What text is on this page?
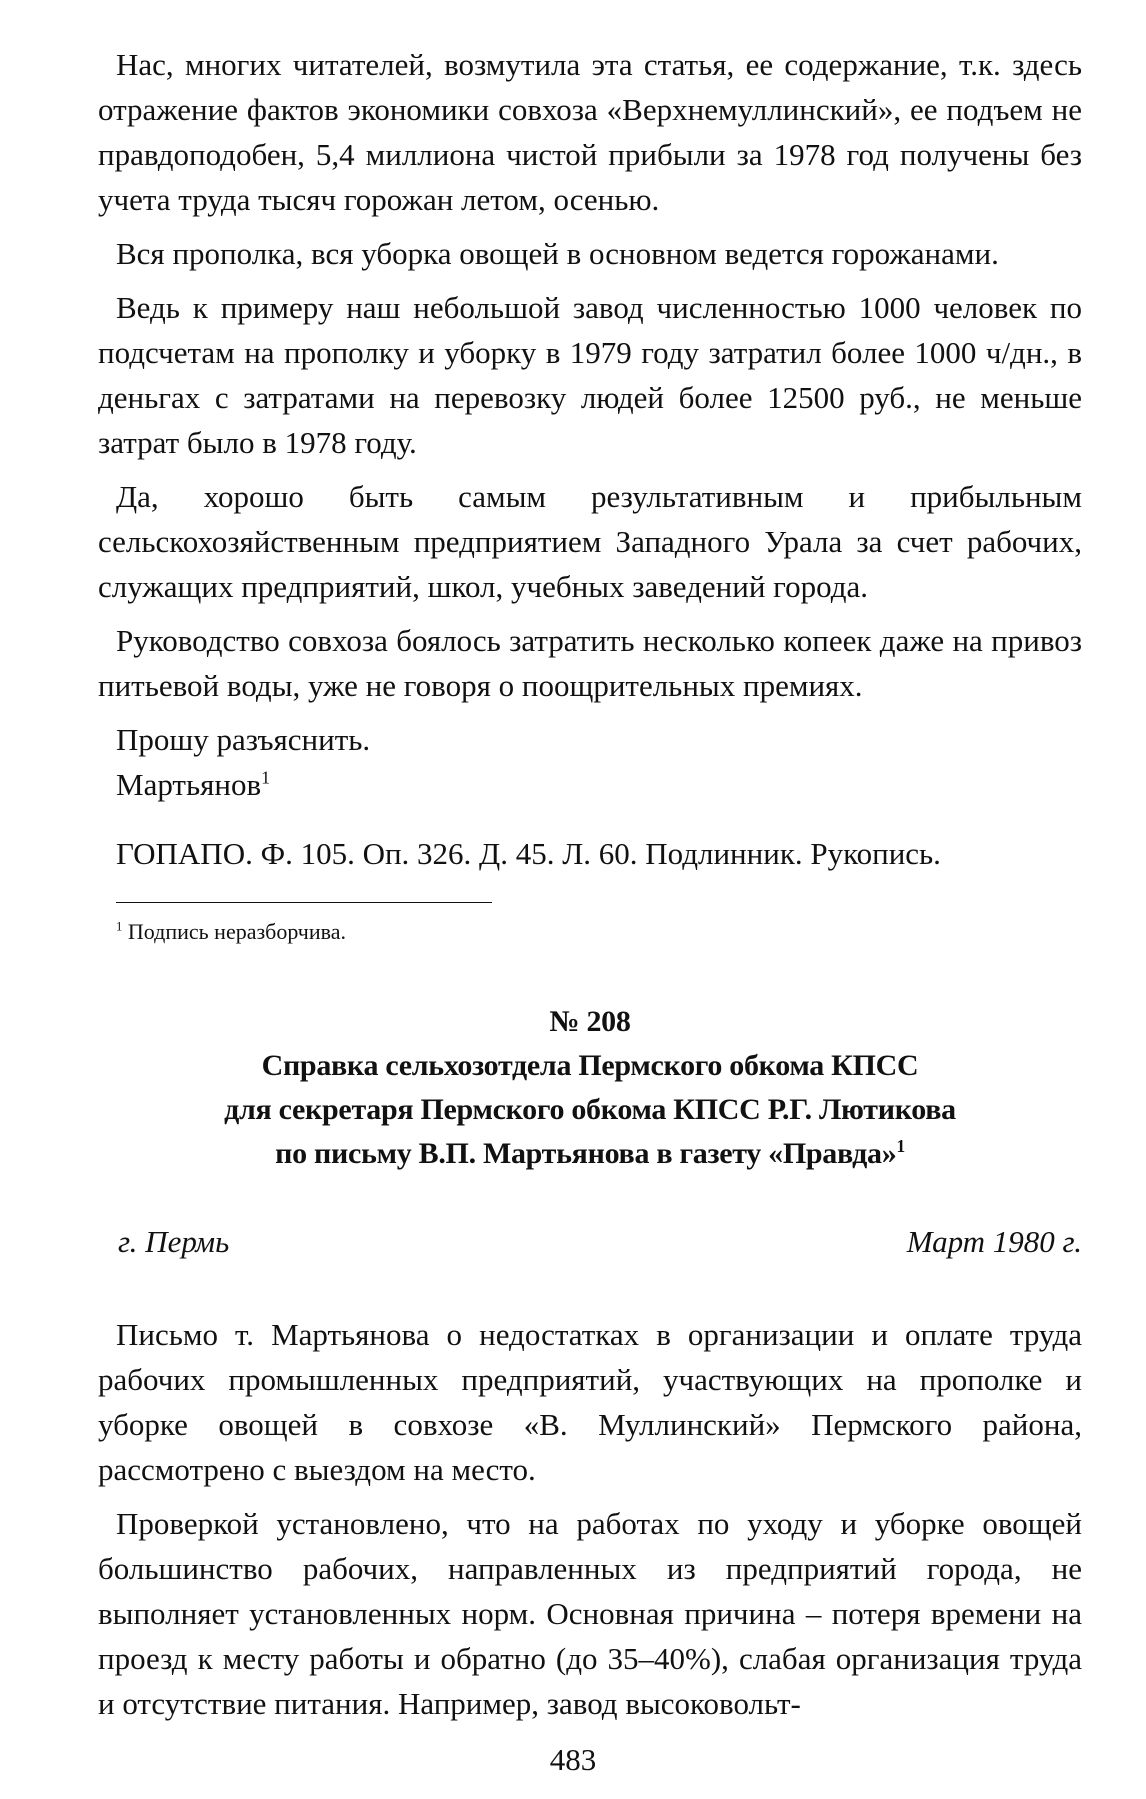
Нас, многих читателей, возмутила эта статья, ее содержание, т.к. здесь отражение фактов экономики совхоза «Верхнемуллинский», ее подъем не правдоподобен, 5,4 миллиона чистой прибыли за 1978 год получены без учета труда тысяч горожан летом, осенью.

Вся прополка, вся уборка овощей в основном ведется горожанами.

Ведь к примеру наш небольшой завод численностью 1000 человек по подсчетам на прополку и уборку в 1979 году затратил более 1000 ч/дн., в деньгах с затратами на перевозку людей более 12500 руб., не меньше затрат было в 1978 году.

Да, хорошо быть самым результативным и прибыльным сельскохозяйственным предприятием Западного Урала за счет рабочих, служащих предприятий, школ, учебных заведений города.

Руководство совхоза боялось затратить несколько копеек даже на привоз питьевой воды, уже не говоря о поощрительных премиях.

Прошу разъяснить.

Мартьянов$^1$

ГОПАПО. Ф. 105. Оп. 326. Д. 45. Л. 60. Подлинник. Рукопись.

$^1$ Подпись неразборчива.

№ 208
Справка сельхозотдела Пермского обкома КПСС
для секретаря Пермского обкома КПСС Р.Г. Лютикова
по письму В.П. Мартьянова в газету «Правда»$^1$
г. Пермь	Март 1980 г.

Письмо т. Мартьянова о недостатках в организации и оплате труда рабочих промышленных предприятий, участвующих на прополке и уборке овощей в совхозе «В. Муллинский» Пермского района, рассмотрено с выездом на место.

Проверкой установлено, что на работах по уходу и уборке овощей большинство рабочих, направленных из предприятий города, не выполняет установленных норм. Основная причина – потеря времени на проезд к месту работы и обратно (до 35–40%), слабая организация труда и отсутствие питания. Например, завод высоковольт-

483
